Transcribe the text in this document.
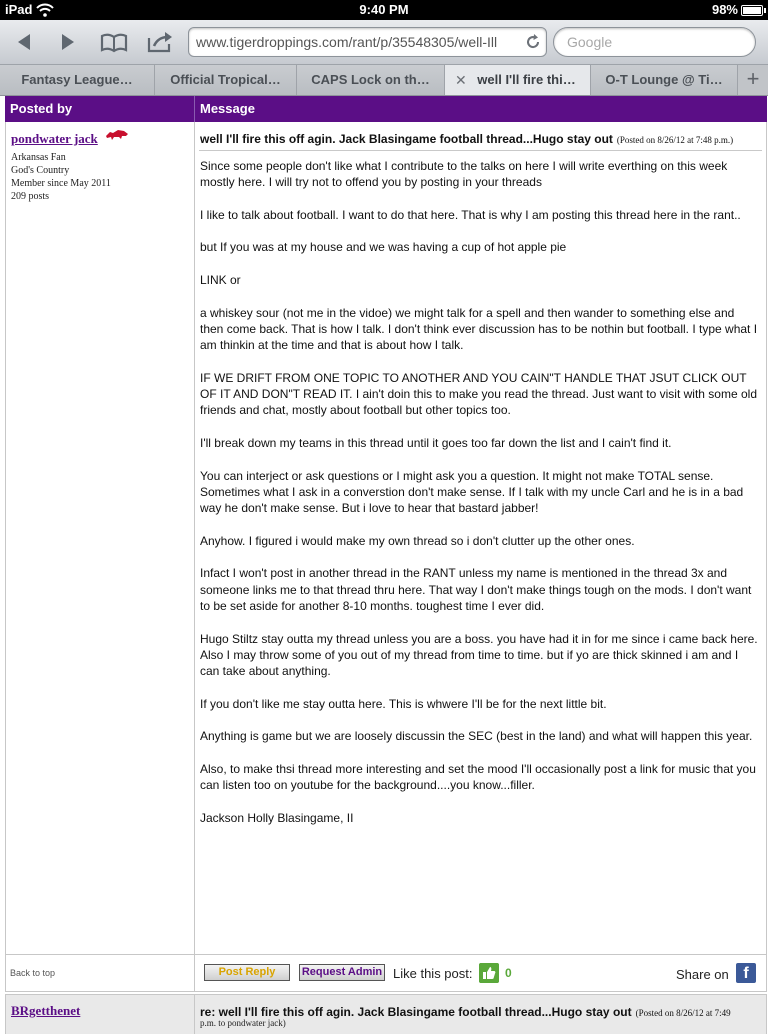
iPad	9:40 PM	98%
www.tigerdroppings.com/rant/p/35548305/well-Ill	Google
Fantasy League…	Official Tropical…	CAPS Lock on th…	✕ well I'll fire thi…	O-T Lounge @ Ti…	+
Posted by	Message
pondwater jack
Arkansas Fan
God's Country
Member since May 2011
209 posts
well I'll fire this off agin. Jack Blasingame football thread...Hugo stay out (Posted on 8/26/12 at 7:48 p.m.)

Since some people don't like what I contribute to the talks on here I will write everthing on this week mostly here. I will try not to offend you by posting in your threads

I like to talk about football. I want to do that here. That is why I am posting this thread here in the rant..

but If you was at my house and we was having a cup of hot apple pie

LINK or

a whiskey sour (not me in the vidoe) we might talk for a spell and then wander to something else and then come back. That is how I talk. I don't think ever discussion has to be nothin but football. I type what I am thinkin at the time and that is about how I talk.

IF WE DRIFT FROM ONE TOPIC TO ANOTHER AND YOU CAIN"T HANDLE THAT JSUT CLICK OUT OF IT AND DON"T READ IT. I ain't doin this to make you read the thread. Just want to visit with some old friends and chat, mostly about football but other topics too.

I'll break down my teams in this thread until it goes too far down the list and I cain't find it.

You can interject or ask questions or I might ask you a question. It might not make TOTAL sense. Sometimes what I ask in a converstion don't make sense. If I talk with my uncle Carl and he is in a bad way he don't make sense. But i love to hear that bastard jabber!

Anyhow. I figured i would make my own thread so i don't clutter up the other ones.

Infact I won't post in another thread in the RANT unless my name is mentioned in the thread 3x and someone links me to that thread thru here. That way I don't make things tough on the mods. I don't want to be set aside for another 8-10 months. toughest time I ever did.

Hugo Stiltz stay outta my thread unless you are a boss. you have had it in for me since i came back here. Also I may throw some of you out of my thread from time to time. but if yo are thick skinned i am and I can take about anything.

If you don't like me stay outta here. This is whwere I'll be for the next little bit.

Anything is game but we are loosely discussin the SEC (best in the land) and what will happen this year.

Also, to make thsi thread more interesting and set the mood I'll occasionally post a link for music that you can listen too on youtube for the background....you know...filler.

Jackson Holly Blasingame, II

Back to top	Post Reply	Request Admin Like this post:	0	Share on f
BRgetthenet	re: well I'll fire this off agin. Jack Blasingame football thread...Hugo stay out (Posted on 8/26/12 at 7:49
p.m. to pondwater jack)
